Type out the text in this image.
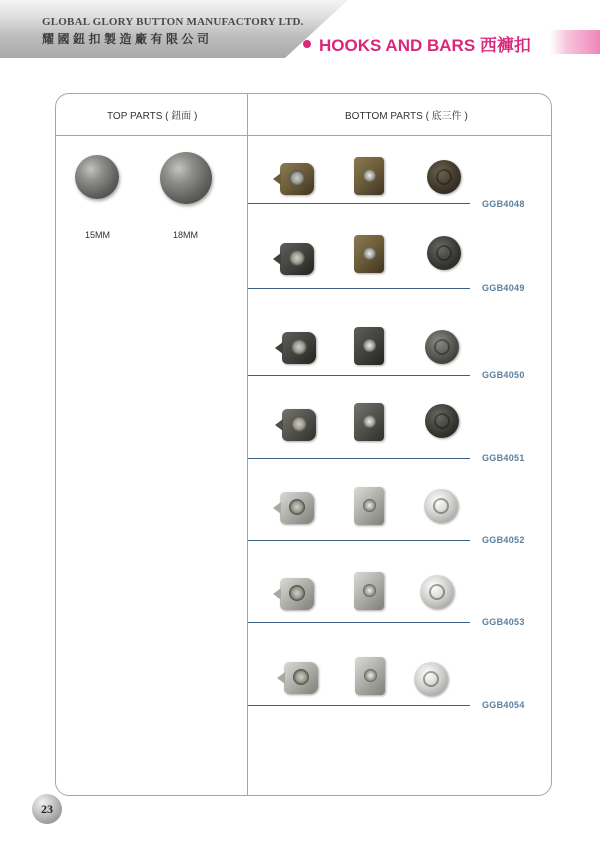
GLOBAL GLORY BUTTON MANUFACTORY LTD.
耀國鈕扣製造廠有限公司	HOOKS AND BARS 西褲扣
TOP PARTS ( 鈕面 )	BOTTOM PARTS ( 底三件 )
15MM	18MM
GGB4048
GGB4049
GGB4050
GGB4051
GGB4052
GGB4053
GGB4054
23
